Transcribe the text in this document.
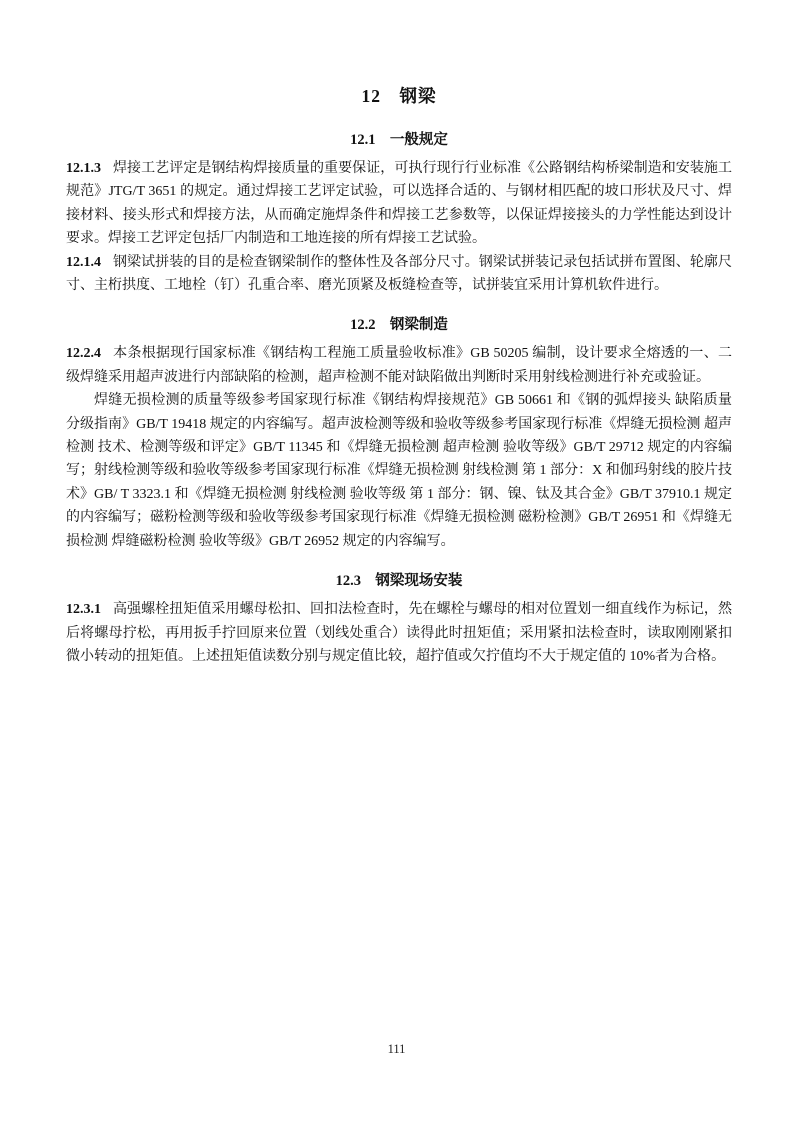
12　钢梁
12.1　一般规定

12.1.3 焊接工艺评定是钢结构焊接质量的重要保证，可执行现行行业标准《公路钢结构桥梁制造和安装施工规范》JTG/T 3651 的规定。通过焊接工艺评定试验，可以选择合适的、与钢材相匹配的坡口形状及尺寸、焊接材料、接头形式和焊接方法，从而确定施焊条件和焊接工艺参数等，以保证焊接接头的力学性能达到设计要求。焊接工艺评定包括厂内制造和工地连接的所有焊接工艺试验。

12.1.4 钢梁试拼装的目的是检查钢梁制作的整体性及各部分尺寸。钢梁试拼装记录包括试拼布置图、轮廓尺寸、主桁拱度、工地栓（钉）孔重合率、磨光顶紧及板缝检查等，试拼装宜采用计算机软件进行。

12.2　钢梁制造

12.2.4 本条根据现行国家标准《钢结构工程施工质量验收标准》GB 50205 编制，设计要求全熔透的一、二级焊缝采用超声波进行内部缺陷的检测，超声检测不能对缺陷做出判断时采用射线检测进行补充或验证。

焊缝无损检测的质量等级参考国家现行标准《钢结构焊接规范》GB 50661 和《钢的弧焊接头 缺陷质量分级指南》GB/T 19418 规定的内容编写。超声波检测等级和验收等级参考国家现行标准《焊缝无损检测 超声检测 技术、检测等级和评定》GB/T 11345 和《焊缝无损检测 超声检测 验收等级》GB/T 29712 规定的内容编写；射线检测等级和验收等级参考国家现行标准《焊缝无损检测 射线检测 第 1 部分：X 和伽玛射线的胶片技术》GB/ T 3323.1 和《焊缝无损检测 射线检测 验收等级 第 1 部分：钢、镍、钛及其合金》GB/T 37910.1 规定的内容编写；磁粉检测等级和验收等级参考国家现行标准《焊缝无损检测 磁粉检测》GB/T 26951 和《焊缝无损检测 焊缝磁粉检测 验收等级》GB/T 26952 规定的内容编写。

12.3　钢梁现场安装

12.3.1 高强螺栓扭矩值采用螺母松扣、回扣法检查时，先在螺栓与螺母的相对位置划一细直线作为标记，然后将螺母拧松，再用扳手拧回原来位置（划线处重合）读得此时扭矩值；采用紧扣法检查时，读取刚刚紧扣微小转动的扭矩值。上述扭矩值读数分别与规定值比较，超拧值或欠拧值均不大于规定值的 10%者为合格。

111
